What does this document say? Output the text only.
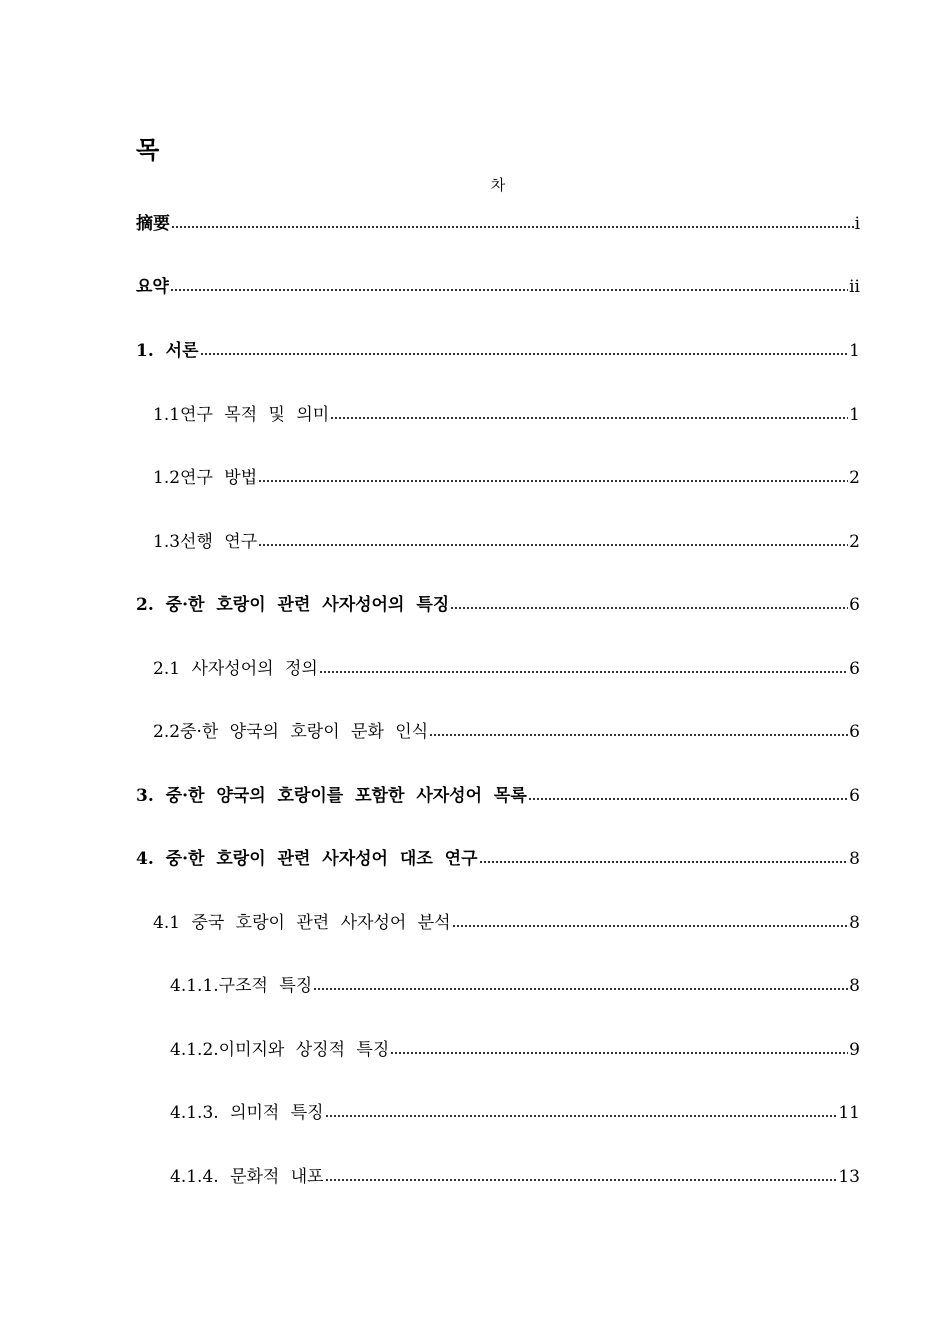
목
차
摘要	i
요약	ii
1. 서론	1
1.1연구 목적 및 의미	1
1.2연구 방법	2
1.3선행 연구	2
2. 중·한 호랑이 관련 사자성어의 특징	6
2.1 사자성어의 정의	6
2.2중·한 양국의 호랑이 문화 인식	6
3. 중·한 양국의 호랑이를 포함한 사자성어 목록	6
4. 중·한 호랑이 관련 사자성어 대조 연구	8
4.1 중국 호랑이 관련 사자성어 분석	8
4.1.1.구조적 특징	8
4.1.2.이미지와 상징적 특징	9
4.1.3. 의미적 특징	11
4.1.4. 문화적 내포	13
